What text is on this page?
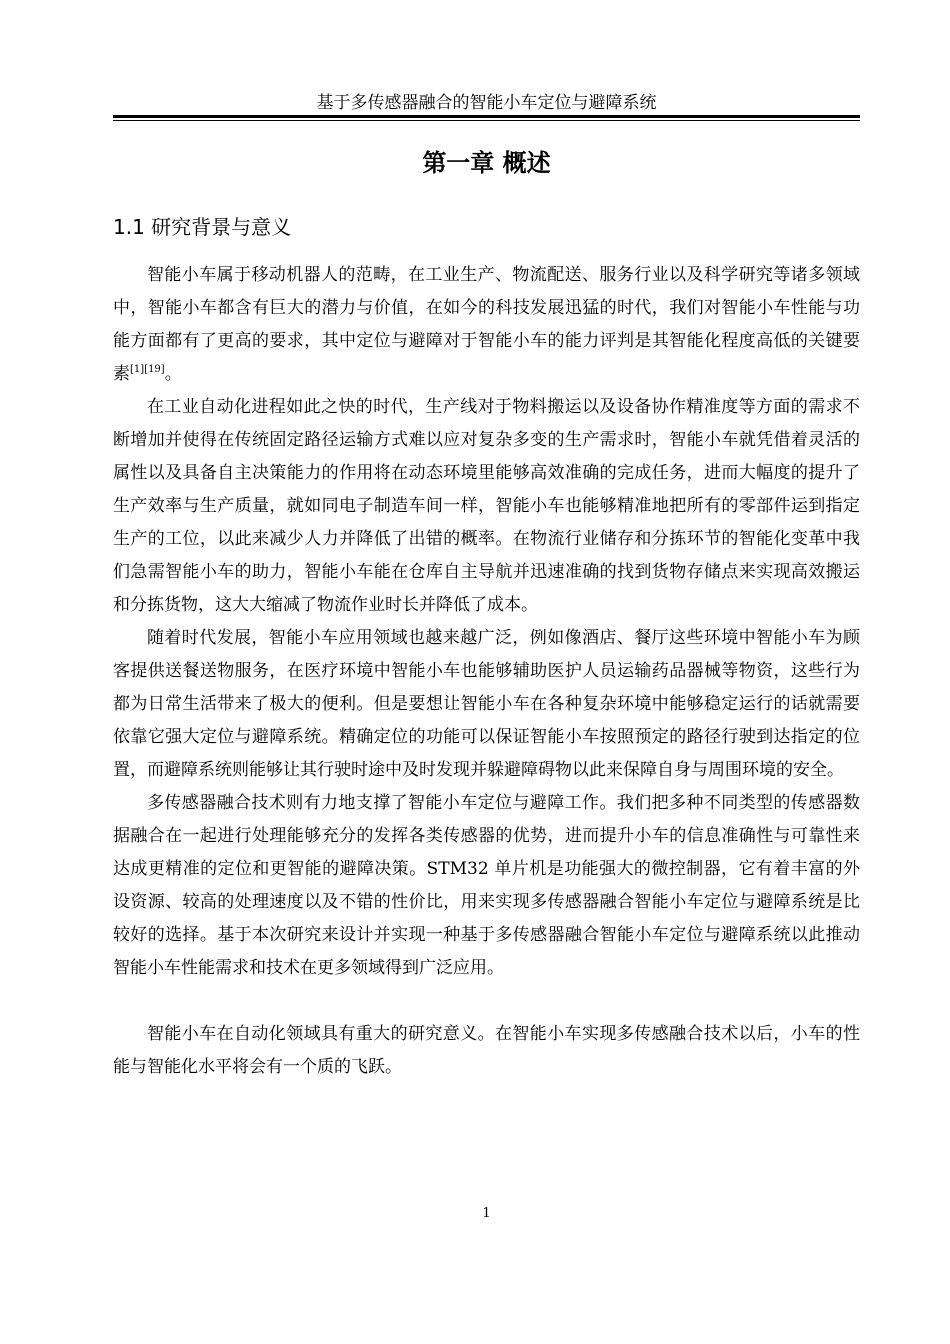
基于多传感器融合的智能小车定位与避障系统
第一章 概述
1.1 研究背景与意义

智能小车属于移动机器人的范畴，在工业生产、物流配送、服务行业以及科学研究等诸多领域中，智能小车都含有巨大的潜力与价值，在如今的科技发展迅猛的时代，我们对智能小车性能与功能方面都有了更高的要求，其中定位与避障对于智能小车的能力评判是其智能化程度高低的关键要素[1][19]。

在工业自动化进程如此之快的时代，生产线对于物料搬运以及设备协作精准度等方面的需求不断增加并使得在传统固定路径运输方式难以应对复杂多变的生产需求时，智能小车就凭借着灵活的属性以及具备自主决策能力的作用将在动态环境里能够高效准确的完成任务，进而大幅度的提升了生产效率与生产质量，就如同电子制造车间一样，智能小车也能够精准地把所有的零部件运到指定生产的工位，以此来减少人力并降低了出错的概率。在物流行业储存和分拣环节的智能化变革中我们急需智能小车的助力，智能小车能在仓库自主导航并迅速准确的找到货物存储点来实现高效搬运和分拣货物，这大大缩减了物流作业时长并降低了成本。

随着时代发展，智能小车应用领域也越来越广泛，例如像酒店、餐厅这些环境中智能小车为顾客提供送餐送物服务，在医疗环境中智能小车也能够辅助医护人员运输药品器械等物资，这些行为都为日常生活带来了极大的便利。但是要想让智能小车在各种复杂环境中能够稳定运行的话就需要依靠它强大定位与避障系统。精确定位的功能可以保证智能小车按照预定的路径行驶到达指定的位置，而避障系统则能够让其行驶时途中及时发现并躲避障碍物以此来保障自身与周围环境的安全。

多传感器融合技术则有力地支撑了智能小车定位与避障工作。我们把多种不同类型的传感器数据融合在一起进行处理能够充分的发挥各类传感器的优势，进而提升小车的信息准确性与可靠性来达成更精准的定位和更智能的避障决策。STM32 单片机是功能强大的微控制器，它有着丰富的外设资源、较高的处理速度以及不错的性价比，用来实现多传感器融合智能小车定位与避障系统是比较好的选择。基于本次研究来设计并实现一种基于多传感器融合智能小车定位与避障系统以此推动智能小车性能需求和技术在更多领域得到广泛应用。

智能小车在自动化领域具有重大的研究意义。在智能小车实现多传感融合技术以后，小车的性能与智能化水平将会有一个质的飞跃。

1
